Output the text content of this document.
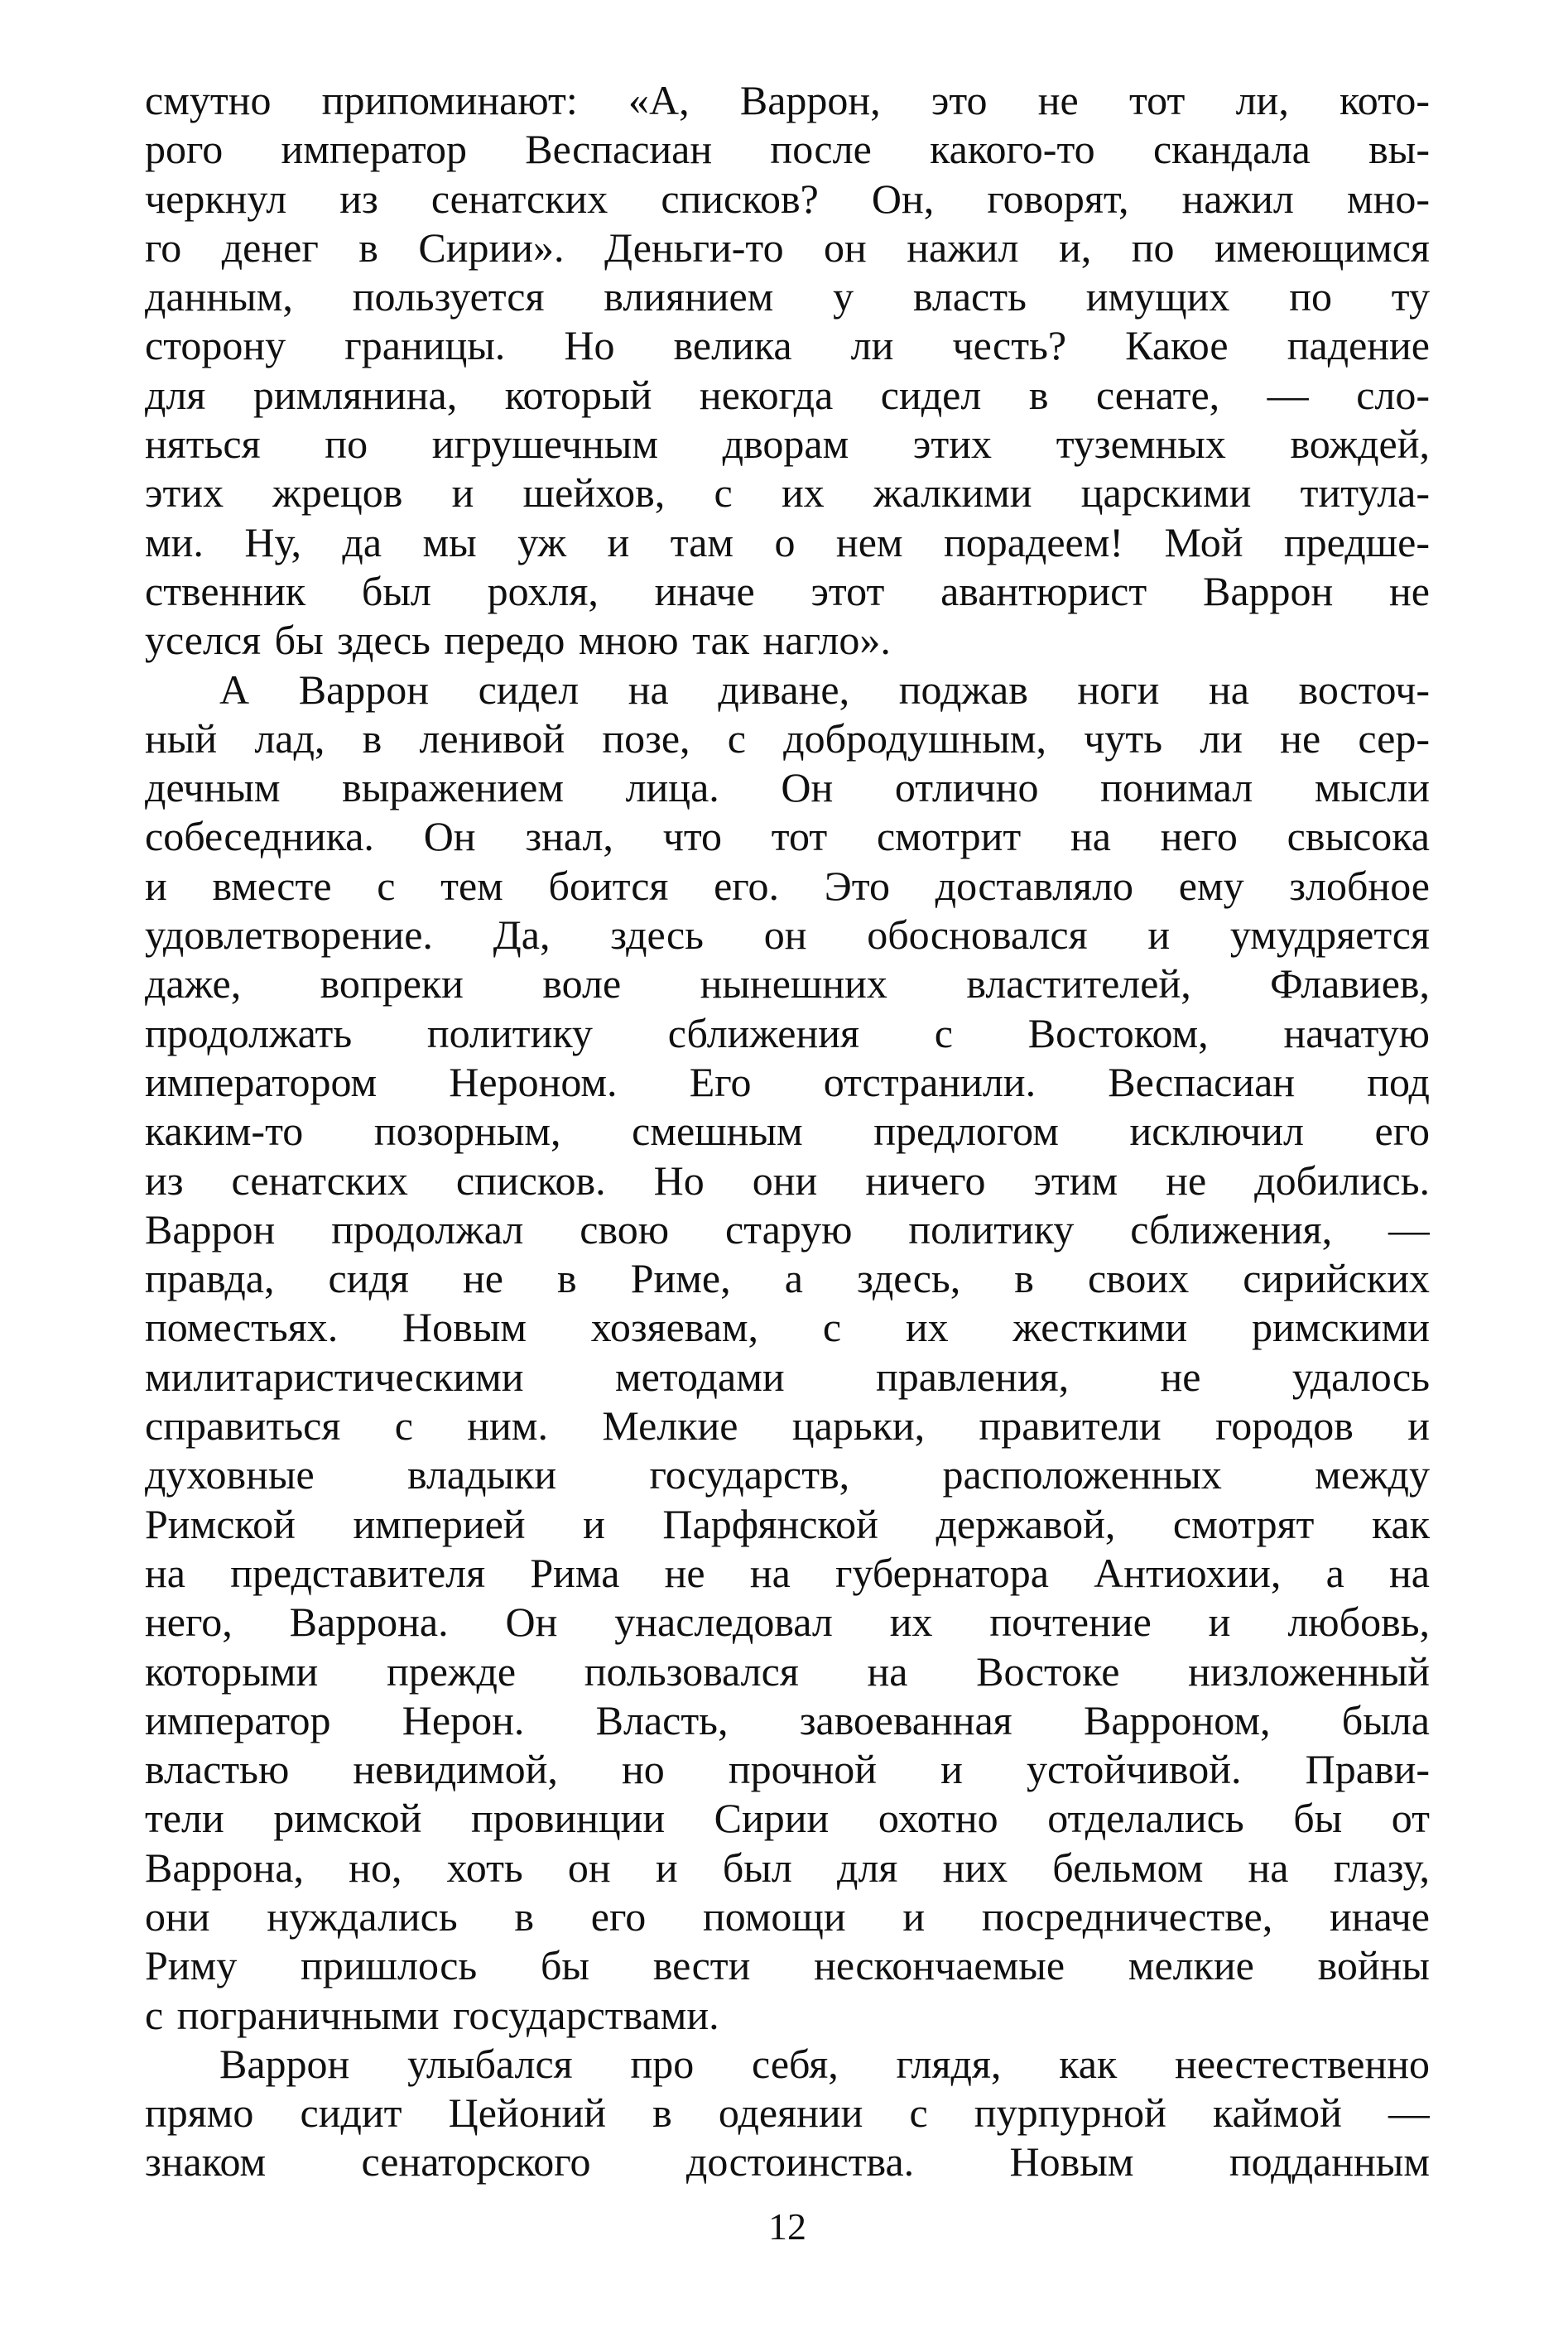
смутно припоминают: «А, Варрон, это не тот ли, кото-
рого император Веспасиан после какого-то скандала вы-
черкнул из сенатских списков? Он, говорят, нажил мно-
го денег в Сирии». Деньги-то он нажил и, по имеющимся
данным, пользуется влиянием у власть имущих по ту
сторону границы. Но велика ли честь? Какое падение
для римлянина, который некогда сидел в сенате, — сло-
няться по игрушечным дворам этих туземных вождей,
этих жрецов и шейхов, с их жалкими царскими титула-
ми. Ну, да мы уж и там о нем порадеем! Мой предше-
ственник был рохля, иначе этот авантюрист Варрон не
уселся бы здесь передо мною так нагло».

А Варрон сидел на диване, поджав ноги на восточ-
ный лад, в ленивой позе, с добродушным, чуть ли не сер-
дечным выражением лица. Он отлично понимал мысли
собеседника. Он знал, что тот смотрит на него свысока
и вместе с тем боится его. Это доставляло ему злобное
удовлетворение. Да, здесь он обосновался и умудряется
даже, вопреки воле нынешних властителей, Флавиев,
продолжать политику сближения с Востоком, начатую
императором Нероном. Его отстранили. Веспасиан под
каким-то позорным, смешным предлогом исключил его
из сенатских списков. Но они ничего этим не добились.
Варрон продолжал свою старую политику сближения, —
правда, сидя не в Риме, а здесь, в своих сирийских
поместьях. Новым хозяевам, с их жесткими римскими
милитаристическими методами правления, не удалось
справиться с ним. Мелкие царьки, правители городов и
духовные владыки государств, расположенных между
Римской империей и Парфянской державой, смотрят как
на представителя Рима не на губернатора Антиохии, а на
него, Варрона. Он унаследовал их почтение и любовь,
которыми прежде пользовался на Востоке низложенный
император Нерон. Власть, завоеванная Варроном, была
властью невидимой, но прочной и устойчивой. Прави-
тели римской провинции Сирии охотно отделались бы от
Варрона, но, хоть он и был для них бельмом на глазу,
они нуждались в его помощи и посредничестве, иначе
Риму пришлось бы вести нескончаемые мелкие войны
с пограничными государствами.

Варрон улыбался про себя, глядя, как неестественно
прямо сидит Цейоний в одеянии с пурпурной каймой —
знаком сенаторского достоинства. Новым подданным

12
